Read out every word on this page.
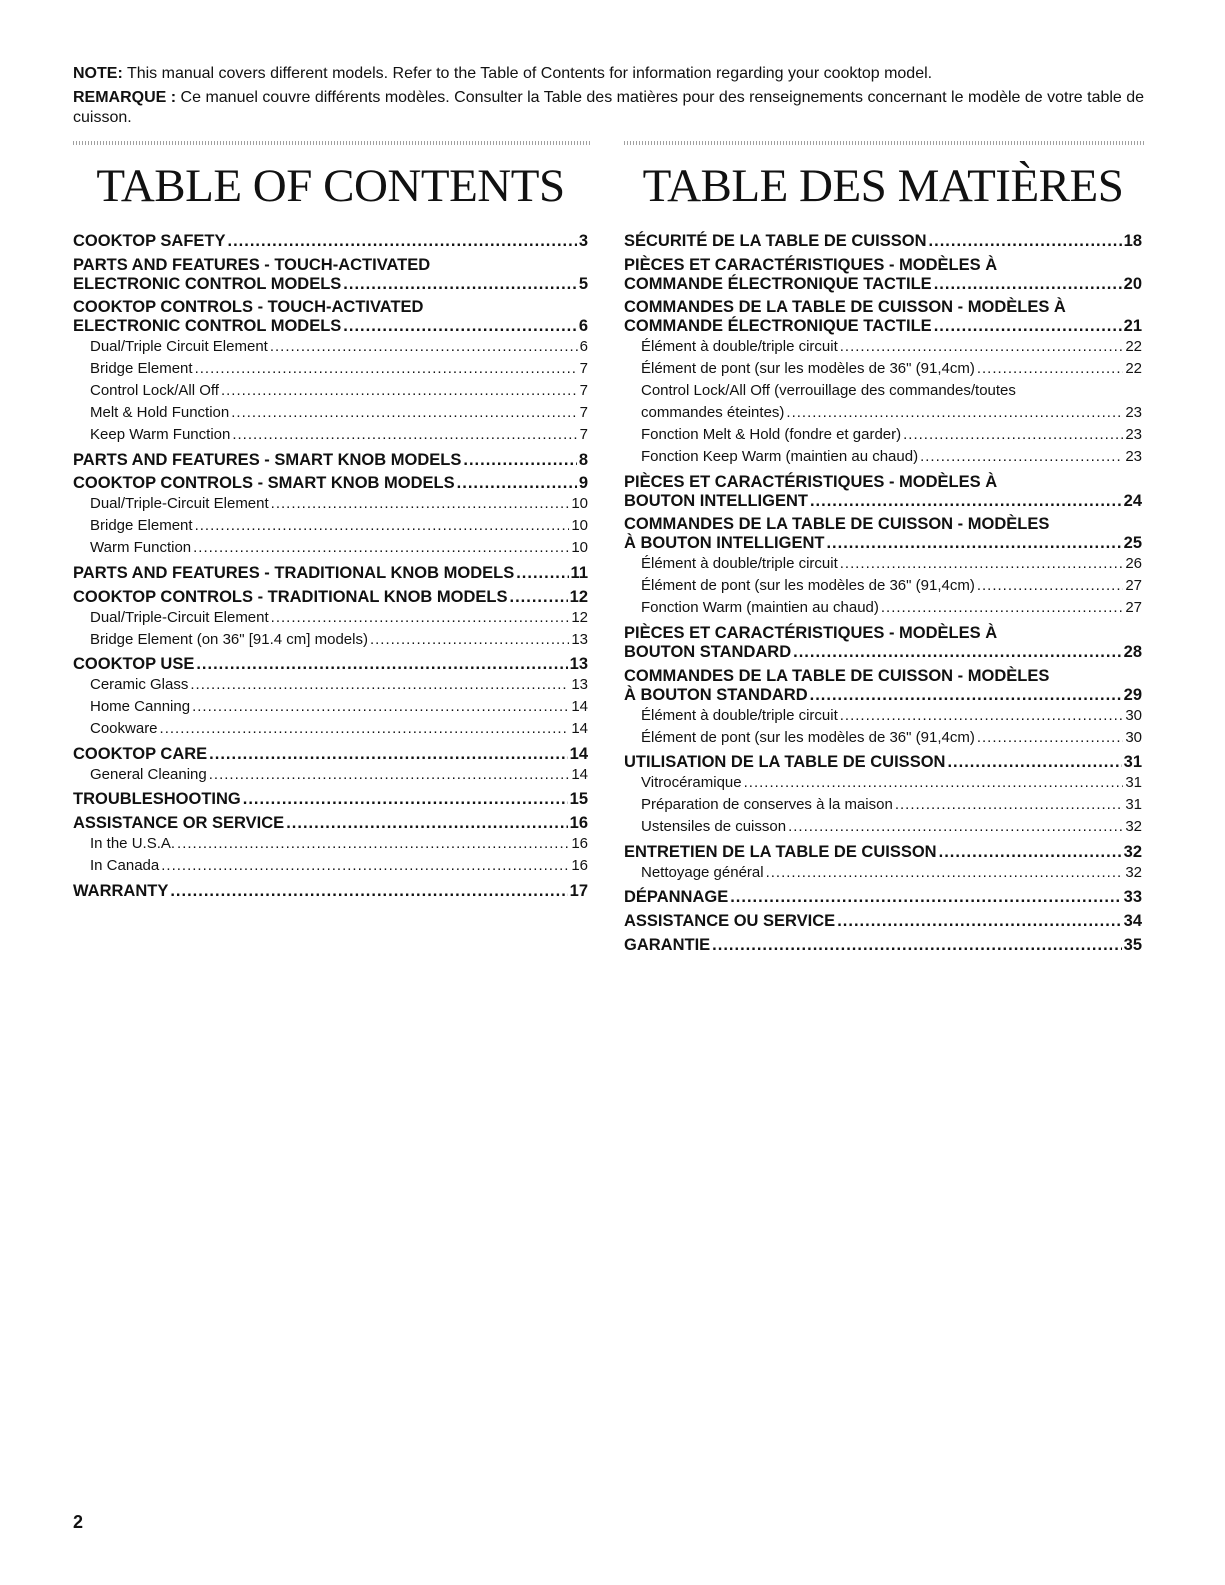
NOTE: This manual covers different models. Refer to the Table of Contents for information regarding your cooktop model.

REMARQUE : Ce manuel couvre différents modèles. Consulter la Table des matières pour des renseignements concernant le modèle de votre table de cuisson.

TABLE OF CONTENTS
COOKTOP SAFETY .....	3
PARTS AND FEATURES - TOUCH-ACTIVATED
ELECTRONIC CONTROL MODELS .....	5
COOKTOP CONTROLS - TOUCH-ACTIVATED
ELECTRONIC CONTROL MODELS .....	6
Dual/Triple Circuit Element .....	6
Bridge Element .....	7
Control Lock/All Off .....	7
Melt & Hold Function .....	7
Keep Warm Function .....	7
PARTS AND FEATURES - SMART KNOB MODELS .....	8
COOKTOP CONTROLS - SMART KNOB MODELS .....	9
Dual/Triple-Circuit Element .....	10
Bridge Element .....	10
Warm Function .....	10
PARTS AND FEATURES - TRADITIONAL KNOB MODELS .....	11
COOKTOP CONTROLS - TRADITIONAL KNOB MODELS .....	12
Dual/Triple-Circuit Element .....	12
Bridge Element (on 36" [91.4 cm] models) .....	13
COOKTOP USE .....	13
Ceramic Glass .....	13
Home Canning .....	14
Cookware .....	14
COOKTOP CARE .....	14
General Cleaning .....	14
TROUBLESHOOTING .....	15
ASSISTANCE OR SERVICE .....	16
In the U.S.A. .....	16
In Canada .....	16
WARRANTY .....	17
TABLE DES MATIÈRES
SÉCURITÉ DE LA TABLE DE CUISSON .....	18
PIÈCES ET CARACTÉRISTIQUES - MODÈLES À
COMMANDE ÉLECTRONIQUE TACTILE .....	20
COMMANDES DE LA TABLE DE CUISSON - MODÈLES À
COMMANDE ÉLECTRONIQUE TACTILE .....	21
Élément à double/triple circuit .....	22
Élément de pont (sur les modèles de 36" (91,4cm) .....	22
Control Lock/All Off (verrouillage des commandes/toutes
commandes éteintes) .....	23
Fonction Melt & Hold (fondre et garder) .....	23
Fonction Keep Warm (maintien au chaud) .....	23
PIÈCES ET CARACTÉRISTIQUES - MODÈLES À
BOUTON INTELLIGENT .....	24
COMMANDES DE LA TABLE DE CUISSON - MODÈLES
À BOUTON INTELLIGENT .....	25
Élément à double/triple circuit .....	26
Élément de pont (sur les modèles de 36" (91,4cm) .....	27
Fonction Warm (maintien au chaud) .....	27
PIÈCES ET CARACTÉRISTIQUES - MODÈLES À
BOUTON STANDARD .....	28
COMMANDES DE LA TABLE DE CUISSON - MODÈLES
À BOUTON STANDARD .....	29
Élément à double/triple circuit .....	30
Élément de pont (sur les modèles de 36" (91,4cm) .....	30
UTILISATION DE LA TABLE DE CUISSON .....	31
Vitrocéramique .....	31
Préparation de conserves à la maison .....	31
Ustensiles de cuisson .....	32
ENTRETIEN DE LA TABLE DE CUISSON .....	32
Nettoyage général .....	32
DÉPANNAGE .....	33
ASSISTANCE OU SERVICE .....	34
GARANTIE .....	35
2
